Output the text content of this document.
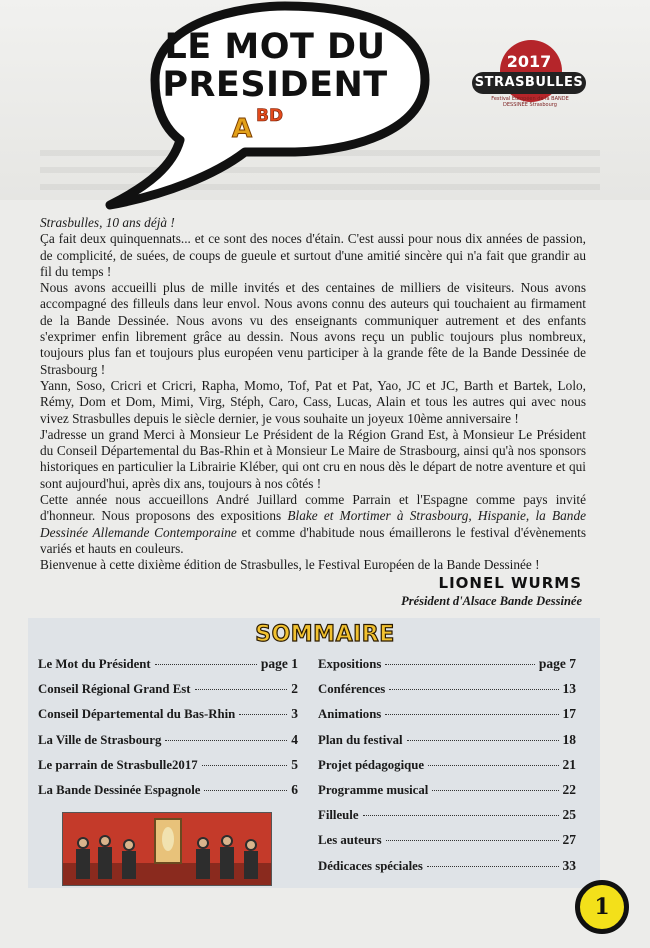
LE MOT DU
PRESIDENT
A BD
2017
STRASBULLES
Festival Européen de la BANDE DESSINÉE Strasbourg

Strasbulles, 10 ans déjà !

Ça fait deux quinquennats... et ce sont des noces d'étain. C'est aussi pour nous dix années de passion, de complicité, de suées, de coups de gueule et surtout d'une amitié sincère qui n'a fait que grandir au fil du temps !

Nous avons accueilli plus de mille invités et des centaines de milliers de visiteurs. Nous avons accompagné des filleuls dans leur envol. Nous avons connu des auteurs qui touchaient au firmament de la Bande Dessinée. Nous avons vu des enseignants communiquer autrement et des enfants s'exprimer enfin librement grâce au dessin. Nous avons reçu un public toujours plus nombreux, toujours plus fan et toujours plus européen venu participer à la grande fête de la Bande Dessinée de Strasbourg !

Yann, Soso, Cricri et Cricri, Rapha, Momo, Tof, Pat et Pat, Yao, JC et JC, Barth et Bartek, Lolo, Rémy, Dom et Dom, Mimi, Virg, Stéph, Caro, Cass, Lucas, Alain et tous les autres qui avec nous vivez Strasbulles depuis le siècle dernier, je vous souhaite un joyeux 10ème anniversaire !

J'adresse un grand Merci à Monsieur Le Président de la Région Grand Est, à Monsieur Le Président du Conseil Départemental du Bas-Rhin et à Monsieur Le Maire de Strasbourg, ainsi qu'à nos sponsors historiques en particulier la Librairie Kléber, qui ont cru en nous dès le départ de notre aventure et qui sont aujourd'hui, après dix ans, toujours à nos côtés !

Cette année nous accueillons André Juillard comme Parrain et l'Espagne comme pays invité d'honneur. Nous proposons des expositions Blake et Mortimer à Strasbourg, Hispanie, la Bande Dessinée Allemande Contemporaine et comme d'habitude nous émaillerons le festival d'évènements variés et hauts en couleurs.

Bienvenue à cette dixième édition de Strasbulles, le Festival Européen de la Bande Dessinée !

LIONEL WURMS
Président d'Alsace Bande Dessinée
SOMMAIRE
Le Mot du Président	page 1
Conseil Régional Grand Est	2
Conseil Départemental du Bas-Rhin	3
La Ville de Strasbourg	4
Le parrain de Strasbulle2017	5
La Bande Dessinée Espagnole	6
Expositions	page 7
Conférences	13
Animations	17
Plan du festival	18
Projet pédagogique	21
Programme musical	22
Filleule	25
Les auteurs	27
Dédicaces spéciales	33
1
